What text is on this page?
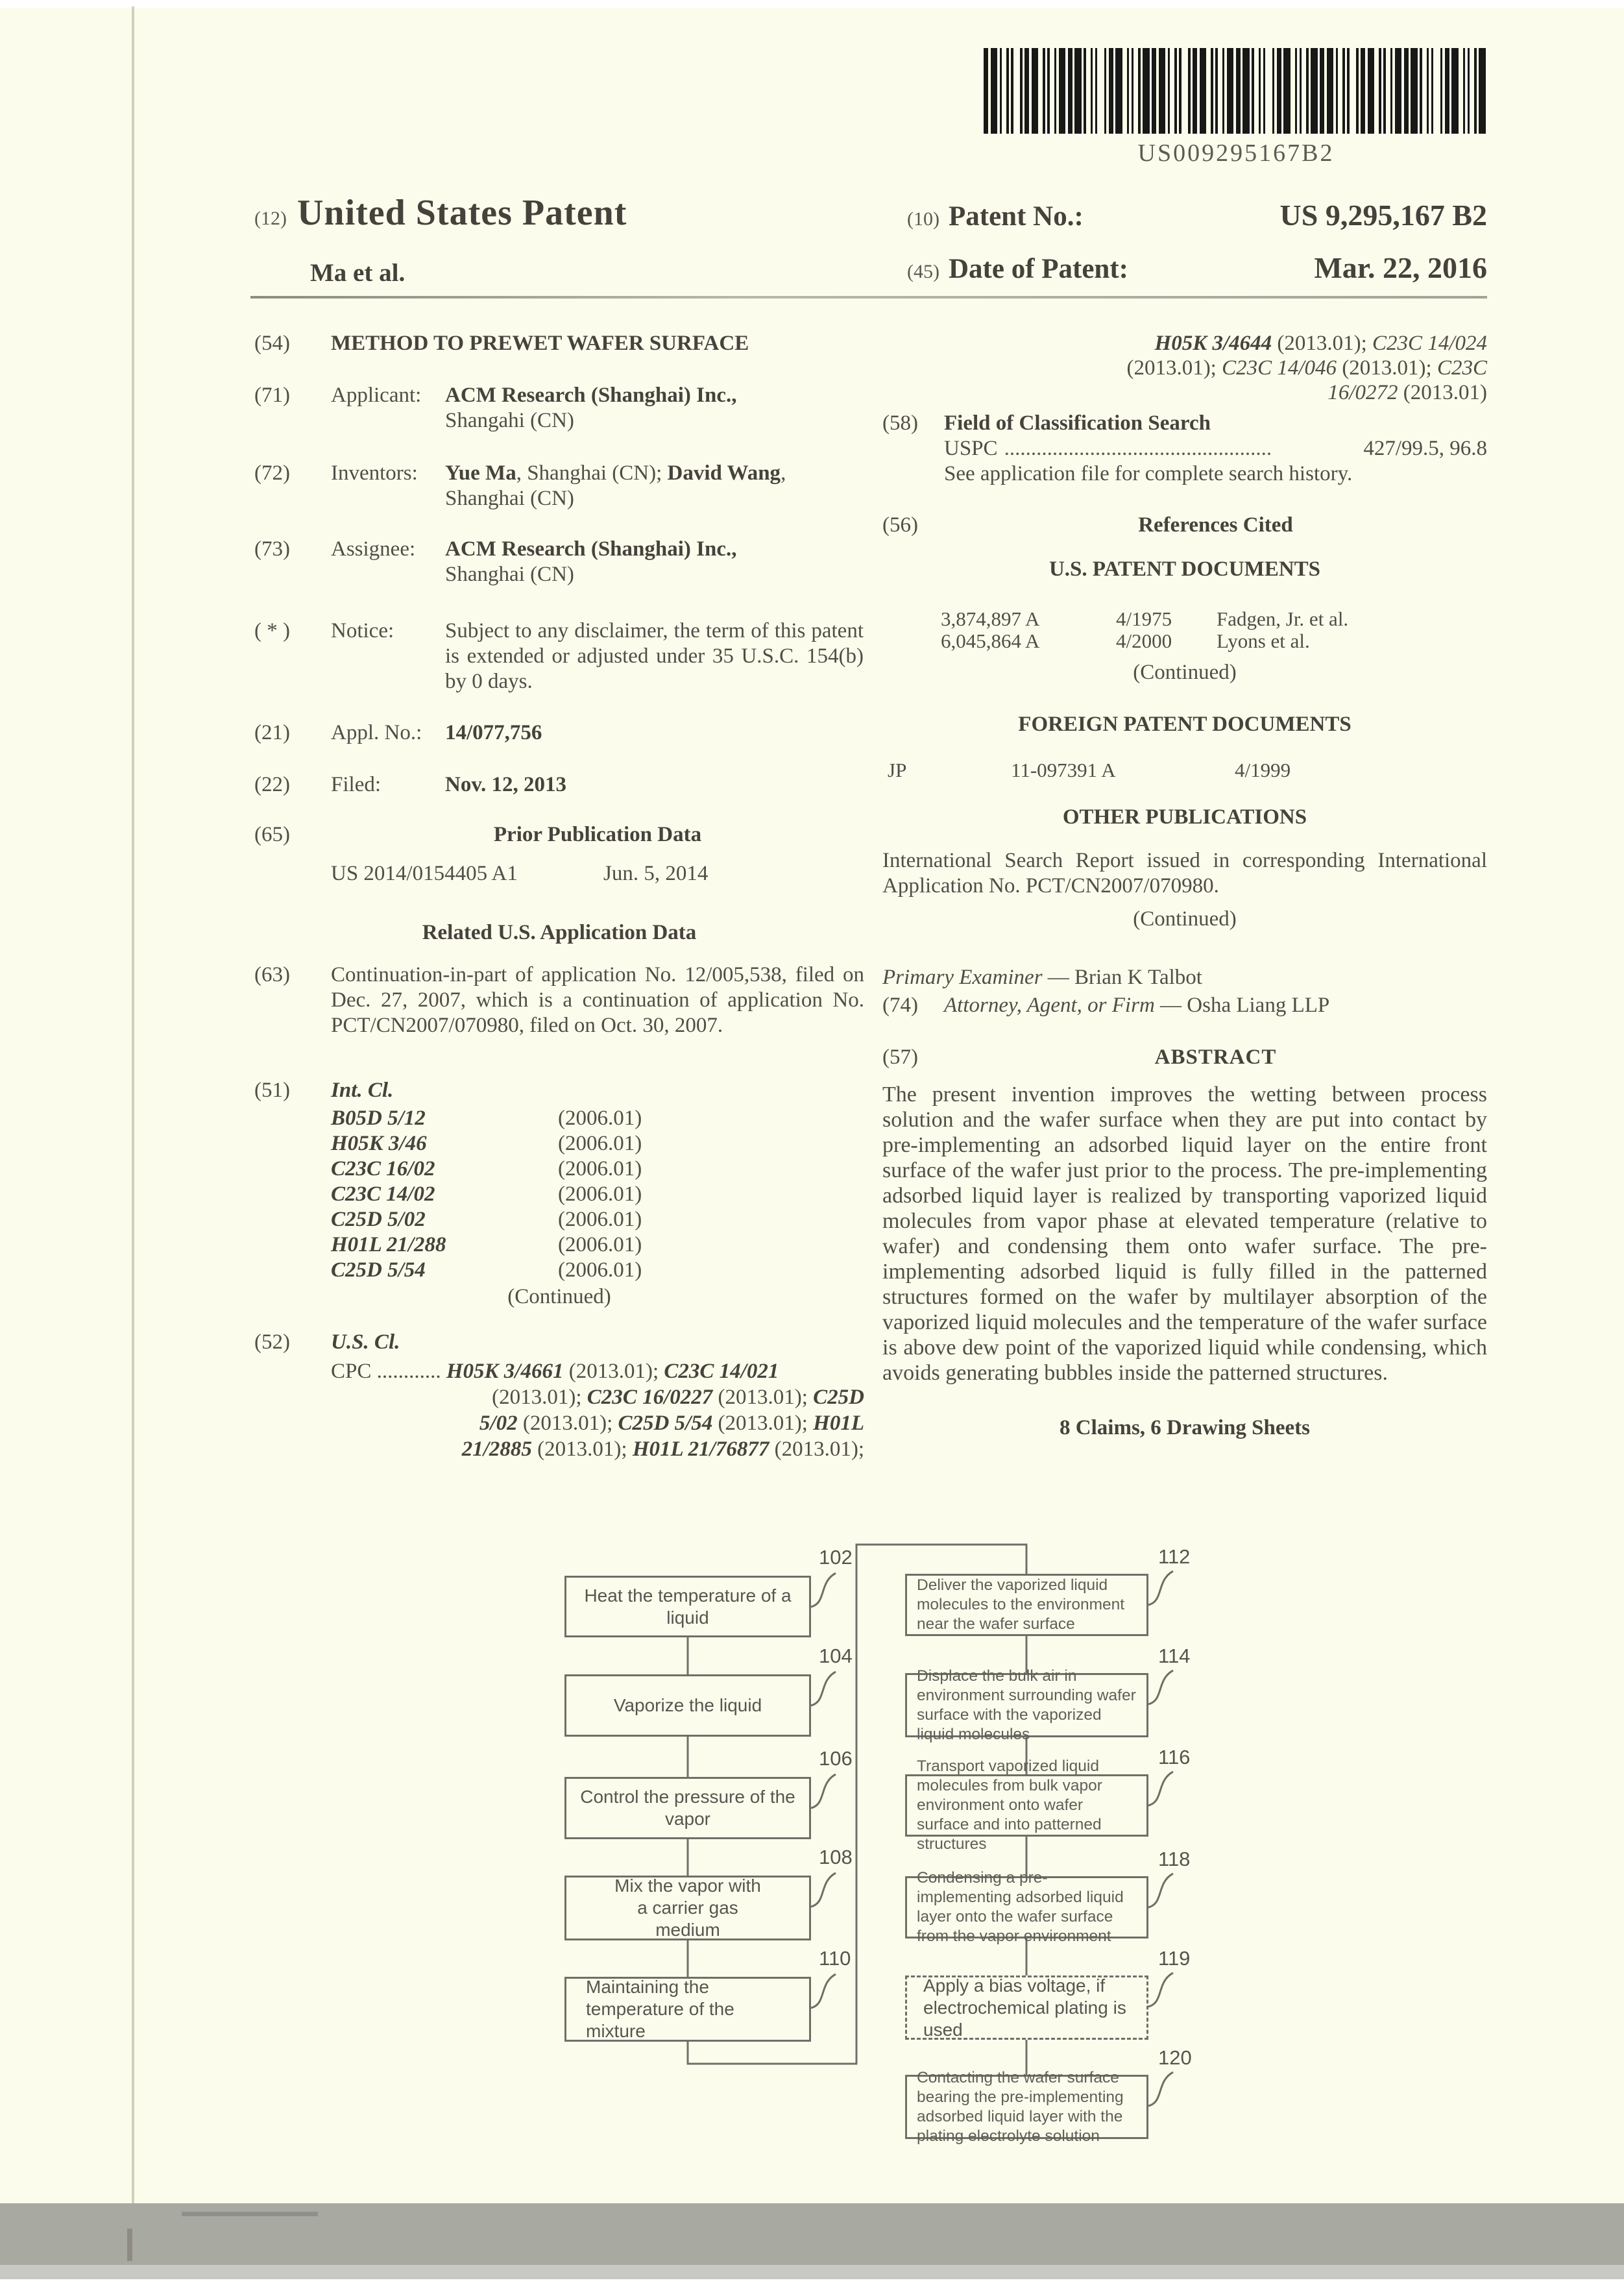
US009295167B2
(12) United States Patent
Ma et al.
(10) Patent No.:	US 9,295,167 B2
(45) Date of Patent:	Mar. 22, 2016
(54)	METHOD TO PREWET WAFER SURFACE
(71)	Applicant:	ACM Research (Shanghai) Inc.,
Shangahi (CN)
(72)	Inventors:	Yue Ma, Shanghai (CN); David Wang,
Shanghai (CN)
(73)	Assignee:	ACM Research (Shanghai) Inc.,
Shanghai (CN)
( * )	Notice:	Subject to any disclaimer, the term of this patent is extended or adjusted under 35 U.S.C. 154(b) by 0 days.
(21)	Appl. No.:	14/077,756
(22)	Filed:	Nov. 12, 2013
(65)	Prior Publication Data
US 2014/0154405 A1	Jun. 5, 2014
Related U.S. Application Data
(63)	Continuation-in-part of application No. 12/005,538, filed on Dec. 27, 2007, which is a continuation of application No. PCT/CN2007/070980, filed on Oct. 30, 2007.
(51)	Int. Cl.
B05D 5/12	(2006.01)
H05K 3/46	(2006.01)
C23C 16/02	(2006.01)
C23C 14/02	(2006.01)
C25D 5/02	(2006.01)
H01L 21/288	(2006.01)
C25D 5/54	(2006.01)
(Continued)
(52)	U.S. Cl.
CPC ............ H05K 3/4661 (2013.01); C23C 14/021
(2013.01); C23C 16/0227 (2013.01); C25D
5/02 (2013.01); C25D 5/54 (2013.01); H01L
21/2885 (2013.01); H01L 21/76877 (2013.01);
H05K 3/4644 (2013.01); C23C 14/024
(2013.01); C23C 14/046 (2013.01); C23C
16/0272 (2013.01)
(58)	Field of Classification Search
USPC ..................................................	427/99.5, 96.8
See application file for complete search history.
(56)	References Cited
U.S. PATENT DOCUMENTS
3,874,897 A	4/1975	Fadgen, Jr. et al.
6,045,864 A	4/2000	Lyons et al.
(Continued)
FOREIGN PATENT DOCUMENTS
JP	11-097391 A	4/1999
OTHER PUBLICATIONS
International Search Report issued in corresponding International Application No. PCT/CN2007/070980.
(Continued)
Primary Examiner — Brian K Talbot
(74)	Attorney, Agent, or Firm — Osha Liang LLP
(57)	ABSTRACT
The present invention improves the wetting between process solution and the wafer surface when they are put into contact by pre-implementing an adsorbed liquid layer on the entire front surface of the wafer just prior to the process. The pre-implementing adsorbed liquid layer is realized by transporting vaporized liquid molecules from vapor phase at elevated temperature (relative to wafer) and condensing them onto wafer surface. The pre-implementing adsorbed liquid is fully filled in the patterned structures formed on the wafer by multilayer absorption of the vaporized liquid molecules and the temperature of the wafer surface is above dew point of the vaporized liquid while condensing, which avoids generating bubbles inside the patterned structures.
8 Claims, 6 Drawing Sheets
Heat the temperature of a liquid
Vaporize the liquid
Control the pressure of the vapor
Mix the vapor with a carrier gas medium
Maintaining the temperature of the mixture
Deliver the vaporized liquid molecules to the environment near the wafer surface
Displace the bulk air in environment surrounding wafer surface with the vaporized liquid molecules
Transport vaporized liquid molecules from bulk vapor environment onto wafer surface and into patterned structures
Condensing a pre-implementing adsorbed liquid layer onto the wafer surface from the vapor environment
Apply a bias voltage, if electrochemical plating is used
Contacting the wafer surface bearing the pre-implementing adsorbed liquid layer with the plating electrolyte solution
102
104
106
108
110
112
114
116
118
119
120
